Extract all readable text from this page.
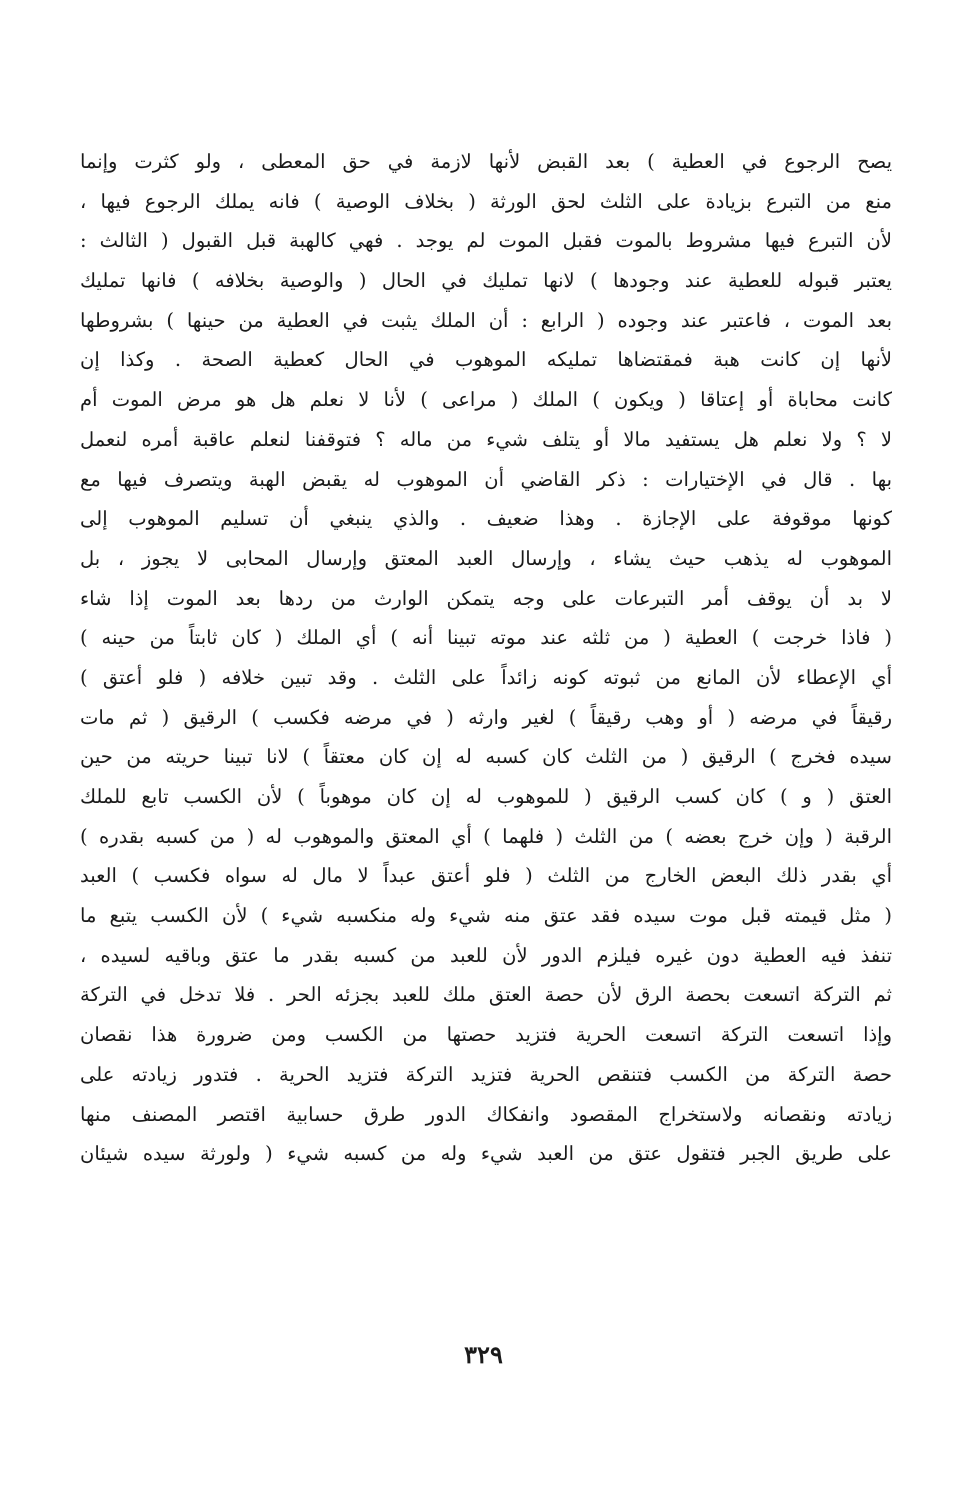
يصح الرجوع في العطية ) بعد القبض لأنها لازمة في حق المعطى ، ولو كثرت وإنما
منع من التبرع بزيادة على الثلث لحق الورثة ( بخلاف الوصية ) فانه يملك الرجوع فيها ،
لأن التبرع فيها مشروط بالموت فقبل الموت لم يوجد . فهي كالهبة قبل القبول ( الثالث :
يعتبر قبوله للعطية عند وجودها ) لانها تمليك في الحال ( والوصية بخلافه ) فانها تمليك
بعد الموت ، فاعتبر عند وجوده ( الرابع : أن الملك يثبت في العطية من حينها ) بشروطها
لأنها إن كانت هبة فمقتضاها تمليكه الموهوب في الحال كعطية الصحة . وكذا إن
كانت محاباة أو إعتاقا ( ويكون ) الملك ( مراعى ) لأنا لا نعلم هل هو مرض الموت أم
لا ؟ ولا نعلم هل يستفيد مالا أو يتلف شيء من ماله ؟ فتوقفنا لنعلم عاقبة أمره لنعمل
بها . قال في الإختيارات : ذكر القاضي أن الموهوب له يقبض الهبة ويتصرف فيها مع
كونها موقوفة على الإجازة . وهذا ضعيف . والذي ينبغي أن تسليم الموهوب إلى
الموهوب له يذهب حيث يشاء ، وإرسال العبد المعتق وإرسال المحابى لا يجوز ، بل
لا بد أن يوقف أمر التبرعات على وجه يتمكن الوارث من ردها بعد الموت إذا شاء
( فاذا خرجت ) العطية ( من ثلثه عند موته تبينا أنه ) أي الملك ( كان ثابتاً من حينه )
أي الإعطاء لأن المانع من ثبوته كونه زائداً على الثلث . وقد تبين خلافه ( فلو أعتق )
رقيقاً في مرضه ( أو وهب رقيقاً ) لغير وارثه ( في مرضه فكسب ) الرقيق ( ثم مات
سيده فخرج ) الرقيق ( من الثلث كان كسبه له إن كان معتقاً ) لانا تبينا حريته من حين
العتق ( و ) كان كسب الرقيق ( للموهوب له إن كان موهوباً ) لأن الكسب تابع للملك
الرقبة ( وإن خرج بعضه ) من الثلث ( فلهما ) أي المعتق والموهوب له ( من كسبه بقدره )
أي بقدر ذلك البعض الخارج من الثلث ( فلو أعتق عبداً لا مال له سواه فكسب ) العبد
( مثل قيمته قبل موت سيده فقد عتق منه شيء وله منكسبه شيء ) لأن الكسب يتبع ما
تنفذ فيه العطية دون غيره فيلزم الدور لأن للعبد من كسبه بقدر ما عتق وباقيه لسيده ،
ثم التركة اتسعت بحصة الرق لأن حصة العتق ملك للعبد بجزئه الحر . فلا تدخل في التركة
وإذا اتسعت التركة اتسعت الحرية فتزيد حصتها من الكسب ومن ضرورة هذا نقصان
حصة التركة من الكسب فتنقص الحرية فتزيد التركة فتزيد الحرية . فتدور زيادته على
زيادته ونقصانه ولاستخراج المقصود وانفكاك الدور طرق حسابية اقتصر المصنف منها
على طريق الجبر فتقول عتق من العبد شيء وله من كسبه شيء ( ولورثة سيده شيئان
٣٢٩
